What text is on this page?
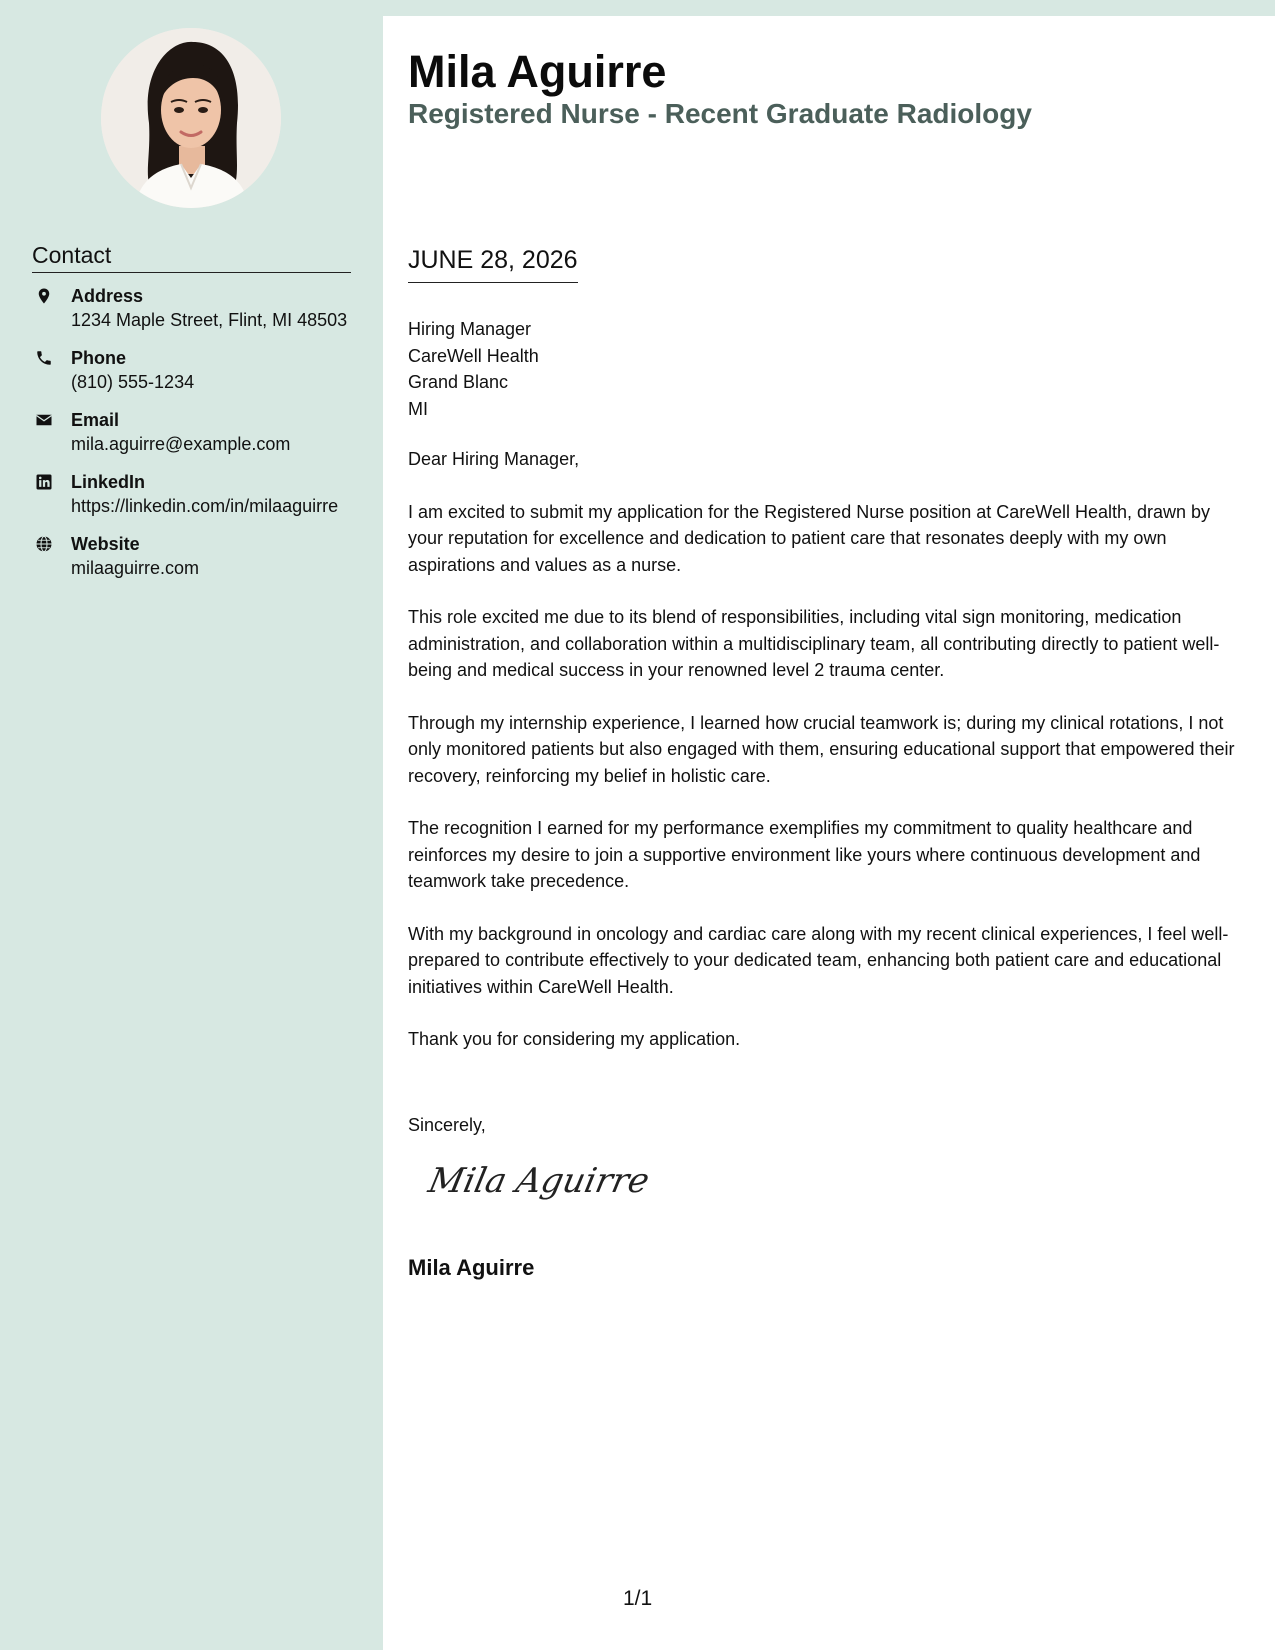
Contact
Address
1234 Maple Street, Flint, MI 48503
Phone
(810) 555-1234
Email
mila.aguirre@example.com
LinkedIn
https://linkedin.com/in/milaaguirre
Website
milaaguirre.com
Mila Aguirre
Registered Nurse - Recent Graduate Radiology
JUNE 28, 2026
Hiring Manager
CareWell Health
Grand Blanc
MI

Dear Hiring Manager,

I am excited to submit my application for the Registered Nurse position at CareWell Health, drawn by your reputation for excellence and dedication to patient care that resonates deeply with my own aspirations and values as a nurse.

This role excited me due to its blend of responsibilities, including vital sign monitoring, medication administration, and collaboration within a multidisciplinary team, all contributing directly to patient well-being and medical success in your renowned level 2 trauma center.

Through my internship experience, I learned how crucial teamwork is; during my clinical rotations, I not only monitored patients but also engaged with them, ensuring educational support that empowered their recovery, reinforcing my belief in holistic care.

The recognition I earned for my performance exemplifies my commitment to quality healthcare and reinforces my desire to join a supportive environment like yours where continuous development and teamwork take precedence.

With my background in oncology and cardiac care along with my recent clinical experiences, I feel well-prepared to contribute effectively to your dedicated team, enhancing both patient care and educational initiatives within CareWell Health.

Thank you for considering my application.

Sincerely,
Mila Aguirre
Mila Aguirre
1/1
